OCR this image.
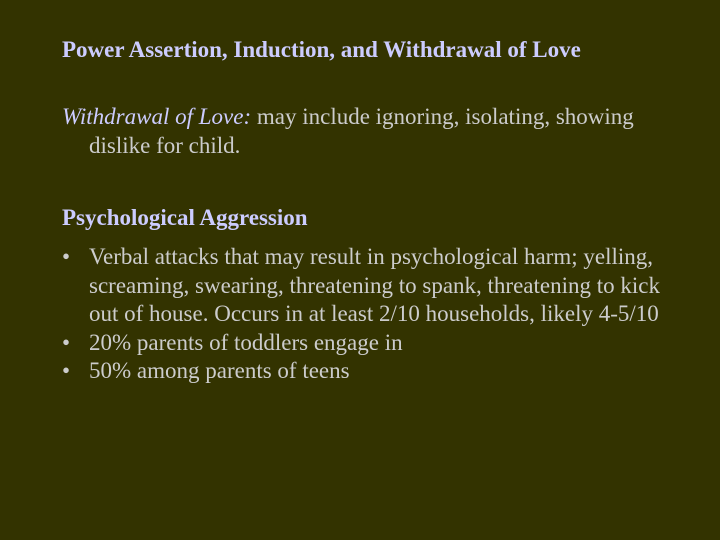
Power Assertion, Induction, and Withdrawal of Love

Withdrawal of Love: may include ignoring, isolating, showing dislike for child.

Psychological Aggression

• Verbal attacks that may result in psychological harm; yelling, screaming, swearing, threatening to spank, threatening to kick out of house. Occurs in at least 2/10 households, likely 4-5/10
• 20% parents of toddlers engage in
• 50% among parents of teens
